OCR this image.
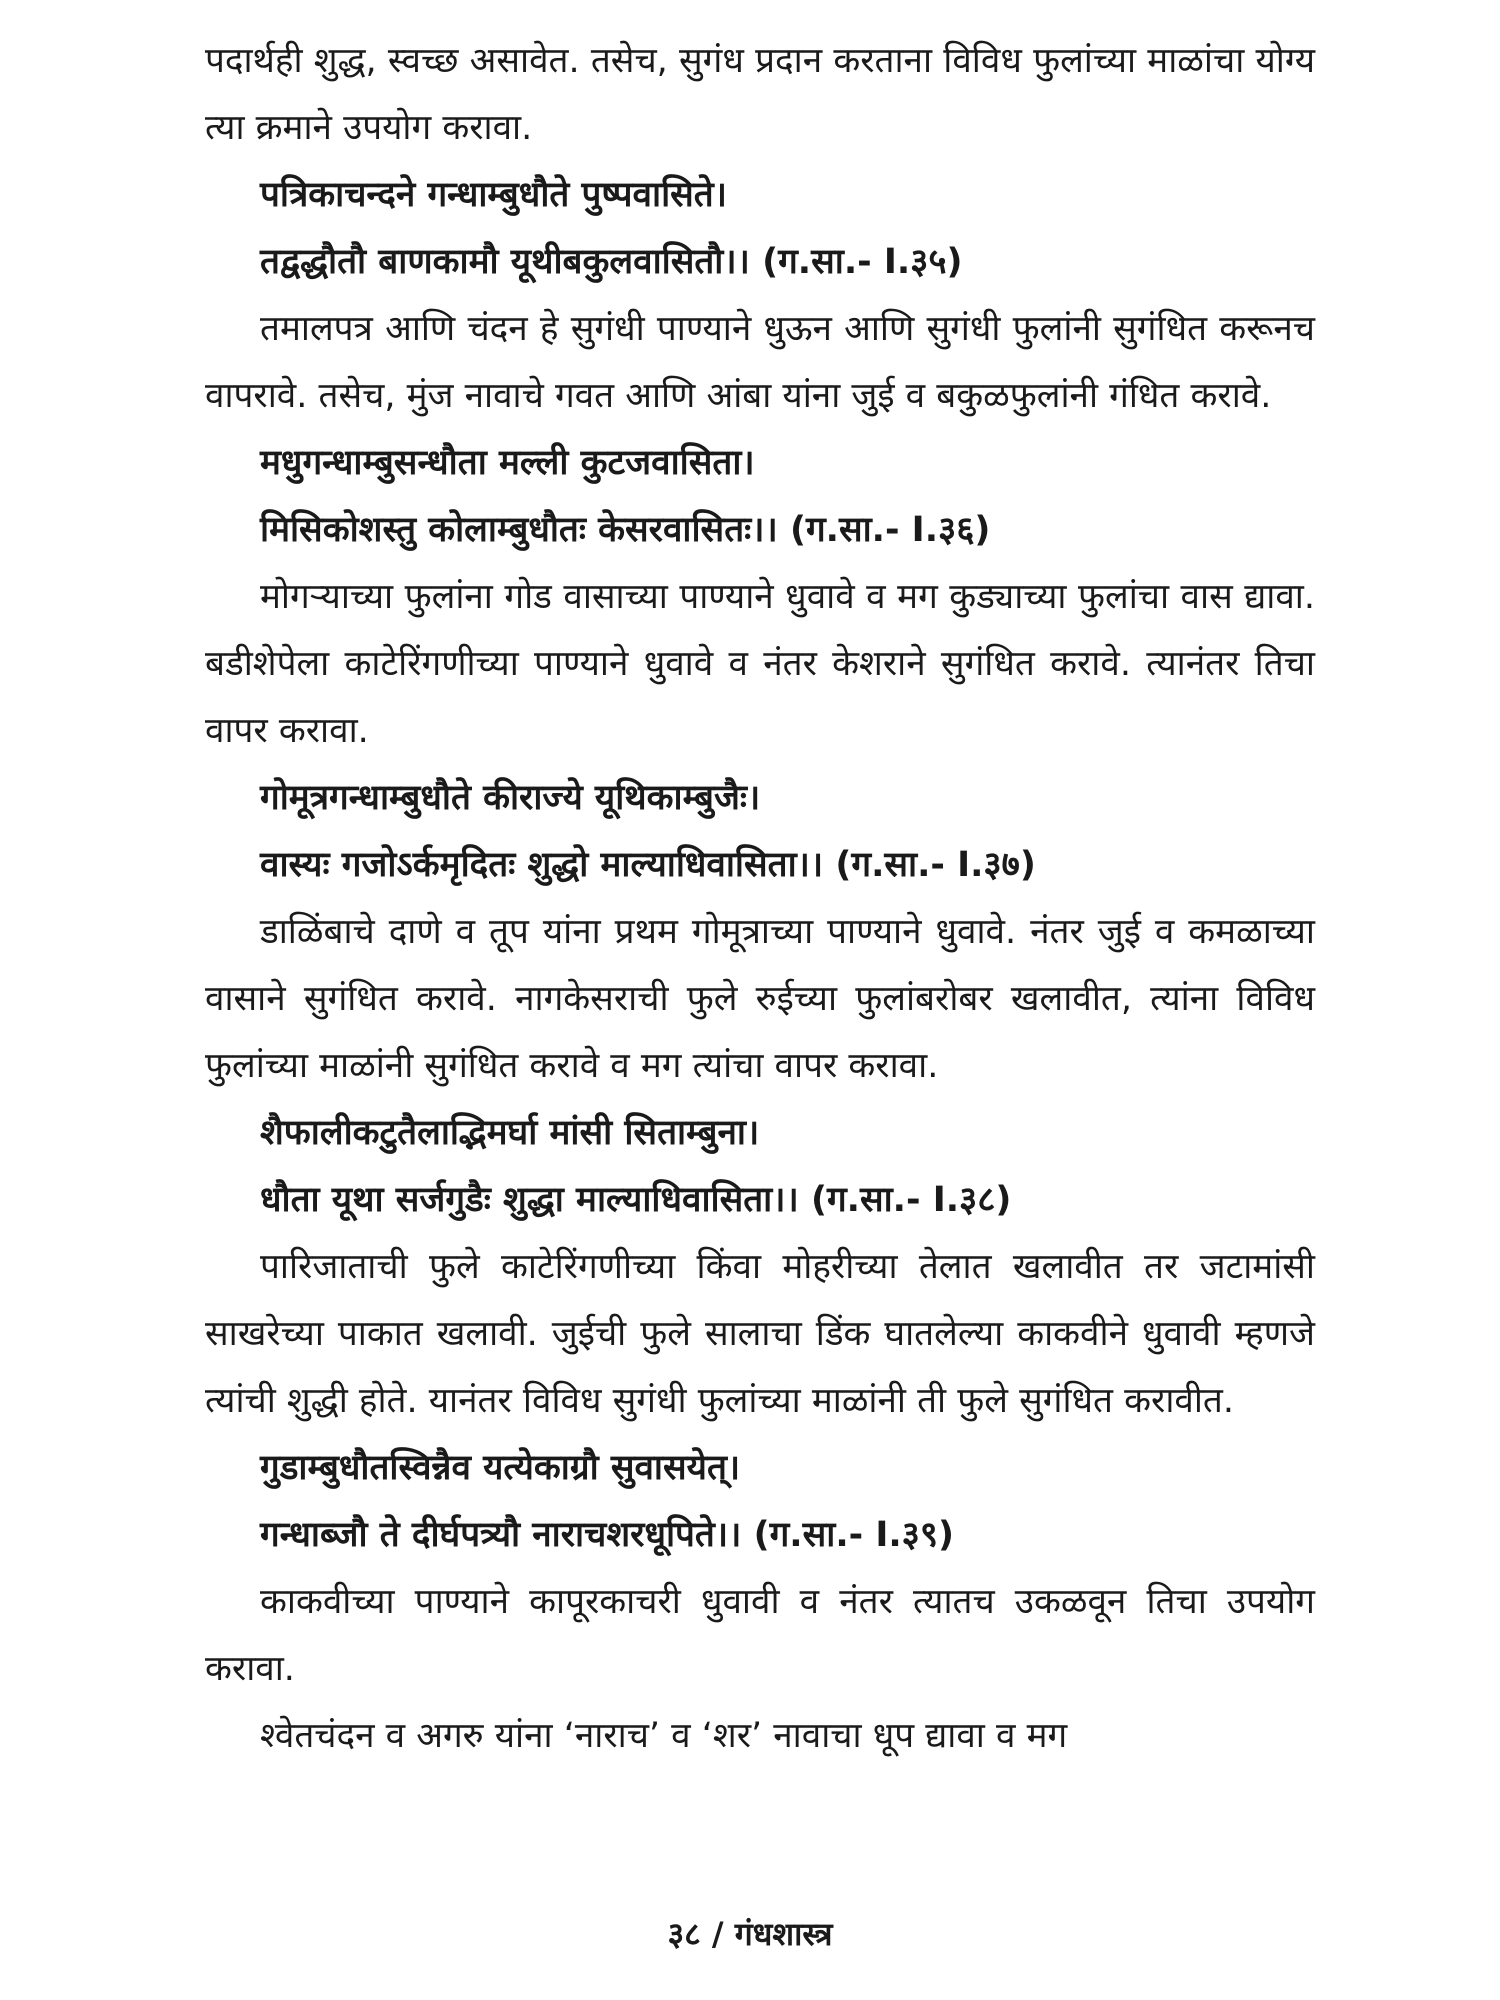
पदार्थही शुद्ध, स्वच्छ असावेत. तसेच, सुगंध प्रदान करताना विविध फुलांच्या माळांचा योग्य त्या क्रमाने उपयोग करावा.

पत्रिकाचन्दने गन्धाम्बुधौते पुष्पवासिते।

तद्वद्धौतौ बाणकामौ यूथीबकुलवासितौ।। (ग.सा.- I.३५)

तमालपत्र आणि चंदन हे सुगंधी पाण्याने धुऊन आणि सुगंधी फुलांनी सुगंधित करूनच वापरावे. तसेच, मुंज नावाचे गवत आणि आंबा यांना जुई व बकुळफुलांनी गंधित करावे.

मधुगन्धाम्बुसन्धौता मल्ली कुटजवासिता।

मिसिकोशस्तु कोलाम्बुधौतः केसरवासितः।। (ग.सा.- I.३६)

मोगऱ्याच्या फुलांना गोड वासाच्या पाण्याने धुवावे व मग कुड्याच्या फुलांचा वास द्यावा. बडीशेपेला काटेरिंगणीच्या पाण्याने धुवावे व नंतर केशराने सुगंधित करावे. त्यानंतर तिचा वापर करावा.

गोमूत्रगन्धाम्बुधौते कीराज्ये यूथिकाम्बुजैः।

वास्यः गजोऽर्कमृदितः शुद्धो माल्याधिवासिता।। (ग.सा.- I.३७)

डाळिंबाचे दाणे व तूप यांना प्रथम गोमूत्राच्या पाण्याने धुवावे. नंतर जुई व कमळाच्या वासाने सुगंधित करावे. नागकेसराची फुले रुईच्या फुलांबरोबर खलावीत, त्यांना विविध फुलांच्या माळांनी सुगंधित करावे व मग त्यांचा वापर करावा.

शैफालीकटुतैलाद्भिमर्घा मांसी सिताम्बुना।

धौता यूथा सर्जगुडैः शुद्धा माल्याधिवासिता।। (ग.सा.- I.३८)

पारिजाताची फुले काटेरिंगणीच्या किंवा मोहरीच्या तेलात खलावीत तर जटामांसी साखरेच्या पाकात खलावी. जुईची फुले सालाचा डिंक घातलेल्या काकवीने धुवावी म्हणजे त्यांची शुद्धी होते. यानंतर विविध सुगंधी फुलांच्या माळांनी ती फुले सुगंधित करावीत.

गुडाम्बुधौतस्विन्नैव यत्येकाग्रौ सुवासयेत्।

गन्धाब्जौ ते दीर्घपत्र्यौ नाराचशरधूपिते।। (ग.सा.- I.३९)

काकवीच्या पाण्याने कापूरकाचरी धुवावी व नंतर त्यातच उकळवून तिचा उपयोग करावा.

श्वेतचंदन व अगरु यांना ‘नाराच’ व ‘शर’ नावाचा धूप द्यावा व मग

३८ / गंधशास्त्र
